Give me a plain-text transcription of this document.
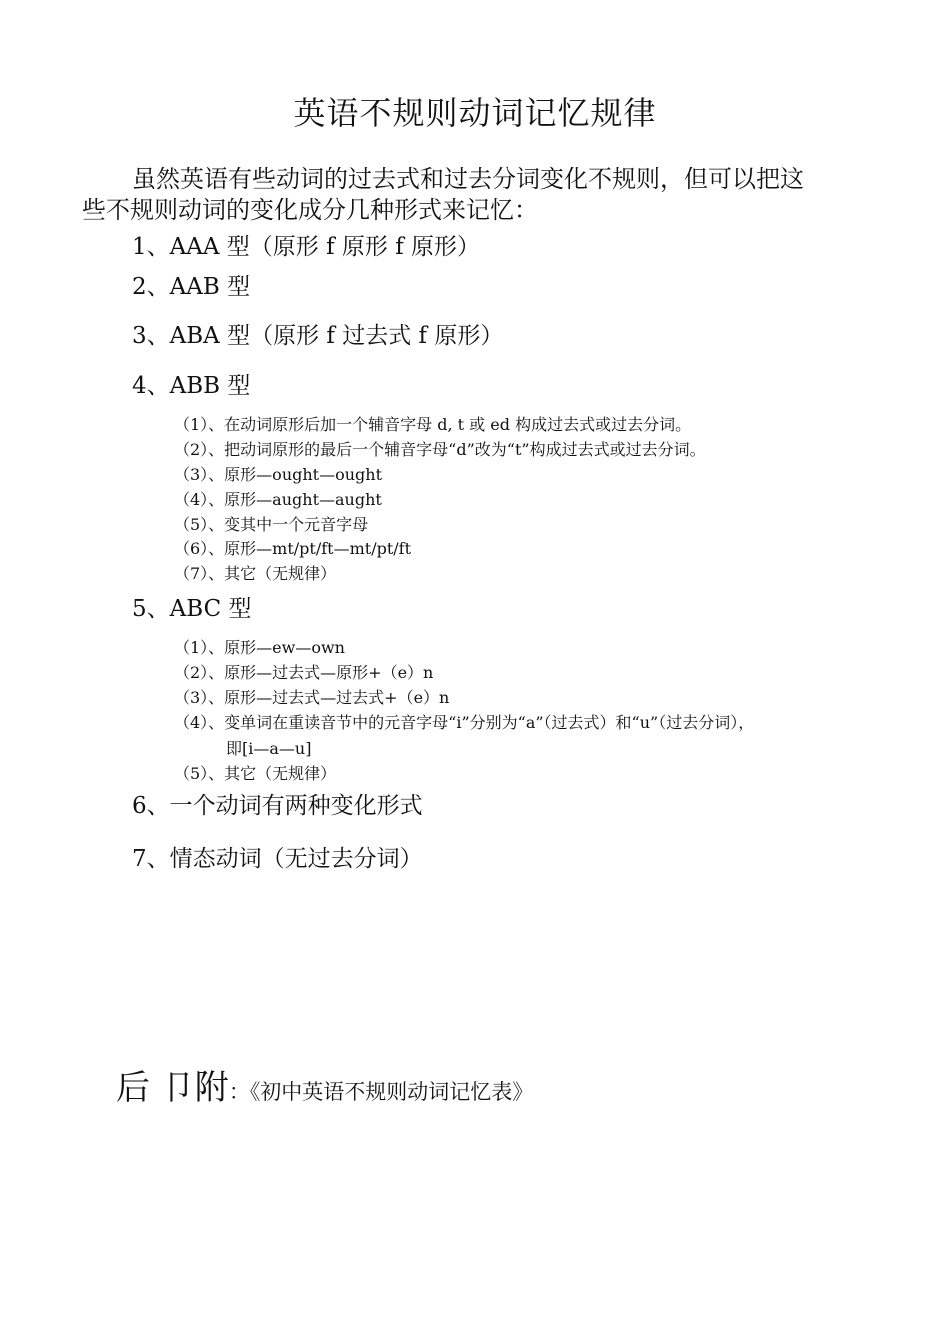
英语不规则动词记忆规律
虽然英语有些动词的过去式和过去分词变化不规则，但可以把这
些不规则动词的变化成分几种形式来记忆：
1、AAA 型（原形 f 原形 f 原形）
2、AAB 型
3、ABA 型（原形 f 过去式 f 原形）
4、ABB 型
（1）、在动词原形后加一个辅音字母 d, t 或 ed 构成过去式或过去分词。
（2）、把动词原形的最后一个辅音字母“d”改为“t”构成过去式或过去分词。
（3）、原形—ought—ought
（4）、原形—aught—aught
（5）、变其中一个元音字母
（6）、原形—mt/pt/ft—mt/pt/ft
（7）、其它（无规律）
5、ABC 型
（1）、原形—ew—own
（2）、原形—过去式—原形+（e）n
（3）、原形—过去式—过去式+（e）n
（4）、变单词在重读音节中的元音字母“i”分别为“a”（过去式）和“u”（过去分词），
即[i—a—u]
（5）、其它（无规律）
6、一个动词有两种变化形式
7、情态动词（无过去分词）
后 卩附：《初中英语不规则动词记忆表》
